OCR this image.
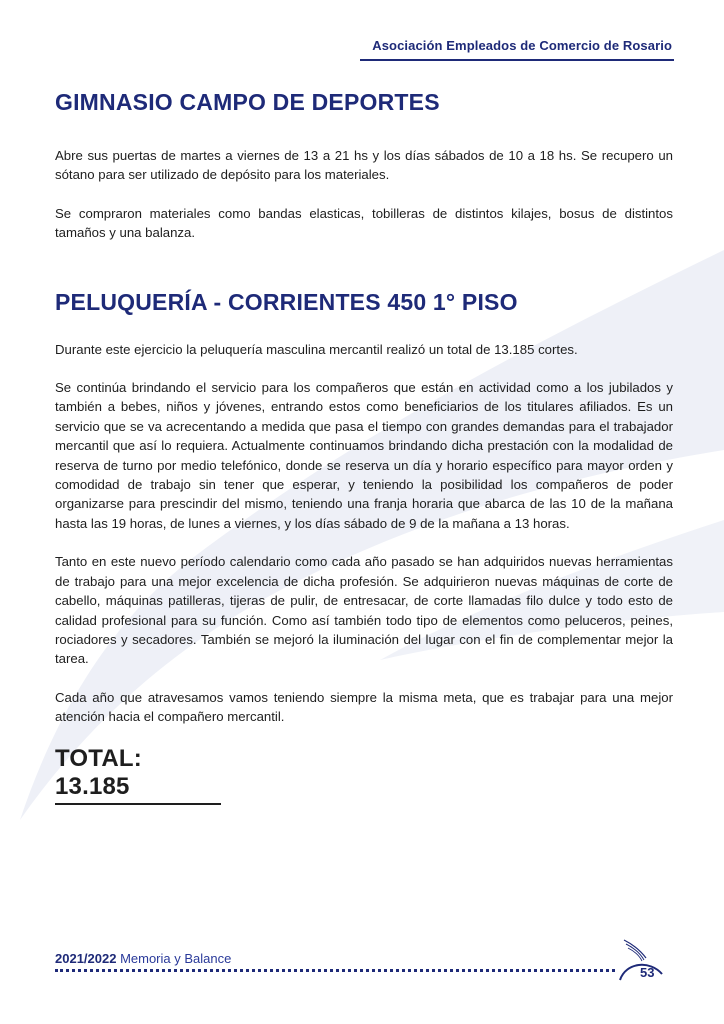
Asociación Empleados de Comercio de Rosario
GIMNASIO CAMPO DE DEPORTES

Abre sus puertas de martes a viernes de 13 a 21 hs y los días sábados de 10 a 18 hs. Se recupero un sótano para ser utilizado de depósito para los materiales.

Se compraron materiales como bandas elasticas, tobilleras de distintos kilajes, bosus de distintos tamaños y una balanza.

PELUQUERÍA - CORRIENTES 450 1° PISO

Durante este ejercicio la peluquería masculina mercantil realizó un total de 13.185 cortes.

Se continúa brindando el servicio para los compañeros que están en actividad como a los jubilados y también a bebes, niños y jóvenes, entrando estos como beneficiarios de los titulares afiliados. Es un servicio que se va acrecentando a medida que pasa el tiempo con grandes demandas para el trabajador mercantil que así lo requiera. Actualmente continuamos brindando dicha prestación con la modalidad de reserva de turno por medio telefónico, donde se reserva un día y horario específico para mayor orden y comodidad de trabajo sin tener que esperar, y teniendo la posibilidad los compañeros de poder organizarse para prescindir del mismo, teniendo una franja horaria que abarca de las 10 de la mañana hasta las 19 horas, de lunes a viernes, y los días sábado de 9 de la mañana a 13 horas.

Tanto en este nuevo período calendario como cada año pasado se han adquiridos nuevas herramientas de trabajo para una mejor excelencia de dicha profesión. Se adquirieron nuevas máquinas de corte de cabello, máquinas patilleras, tijeras de pulir, de entresacar, de corte llamadas filo dulce y todo esto de calidad profesional para su función. Como así también todo tipo de elementos como peluceros, peines, rociadores y secadores. También se mejoró la iluminación del lugar con el fin de complementar mejor la tarea.

Cada año que atravesamos vamos teniendo siempre la misma meta, que es trabajar para una mejor atención hacia el compañero mercantil.

TOTAL: 13.185
2021/2022 Memoria y Balance
53
